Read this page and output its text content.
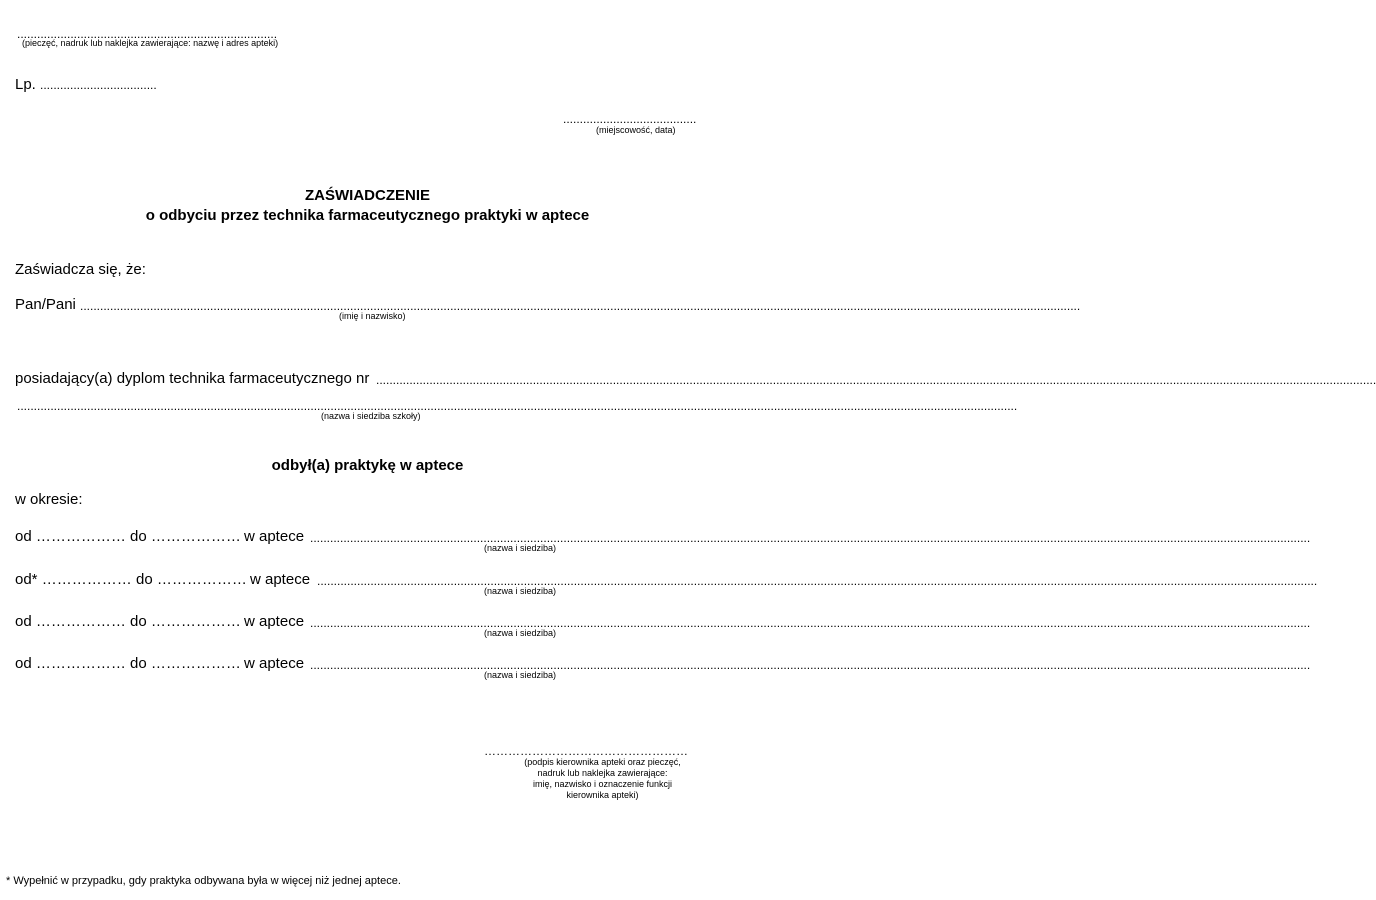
..............................................................................
(pieczęć, nadruk lub naklejka zawierające: nazwę i adres apteki)
Lp. ...................................
........................................
(miejscowość, data)
ZAŚWIADCZENIE
o odbyciu przez technika farmaceutycznego praktyki w aptece
Zaświadcza się, że:
Pan/Pani ............................................................................................................................................................................................................................................................................................................
(imię i nazwisko)
posiadający(a) dyplom technika farmaceutycznego nr ............................................................................................................................................................................................................................................................................................................
............................................................................................................................................................................................................................................................................................................
(nazwa i siedziba szkoły)
odbył(a) praktykę w aptece
w okresie:
od ……………… do ……………… w aptece ............................................................................................................................................................................................................................................................................................................
(nazwa i siedziba)
od* ……………… do ……………… w aptece ............................................................................................................................................................................................................................................................................................................
(nazwa i siedziba)
od ……………… do ……………… w aptece ............................................................................................................................................................................................................................................................................................................
(nazwa i siedziba)
od ……………… do ……………… w aptece ............................................................................................................................................................................................................................................................................................................
(nazwa i siedziba)
……………………………………………
(podpis kierownika apteki oraz pieczęć,
nadruk lub naklejka zawierające:
imię, nazwisko i oznaczenie funkcji
kierownika apteki)
* Wypełnić w przypadku, gdy praktyka odbywana była w więcej niż jednej aptece.
